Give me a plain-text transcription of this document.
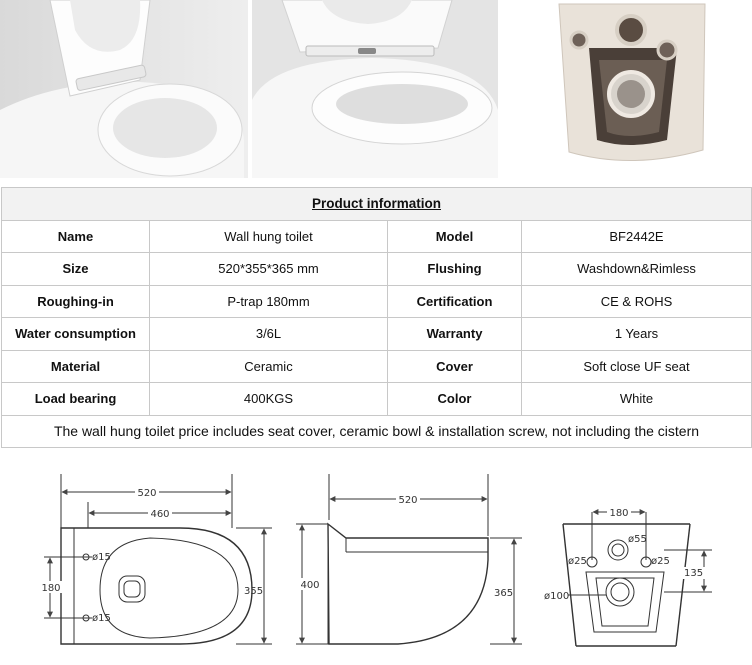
Product information			
Name	Wall hung toilet	Model	BF2442E
Size	520*355*365 mm	Flushing	Washdown&Rimless
Roughing-in	P-trap 180mm	Certification	CE & ROHS
Water consumption	3/6L	Warranty	1 Years
Material	Ceramic	Cover	Soft close UF seat
Load bearing	400KGS	Color	White
The wall hung toilet price includes seat cover, ceramic bowl & installation screw, not including the cistern			
520
460
180
ø15
ø15
355
520
400
365
180
ø55
ø25	ø25
135
ø100
